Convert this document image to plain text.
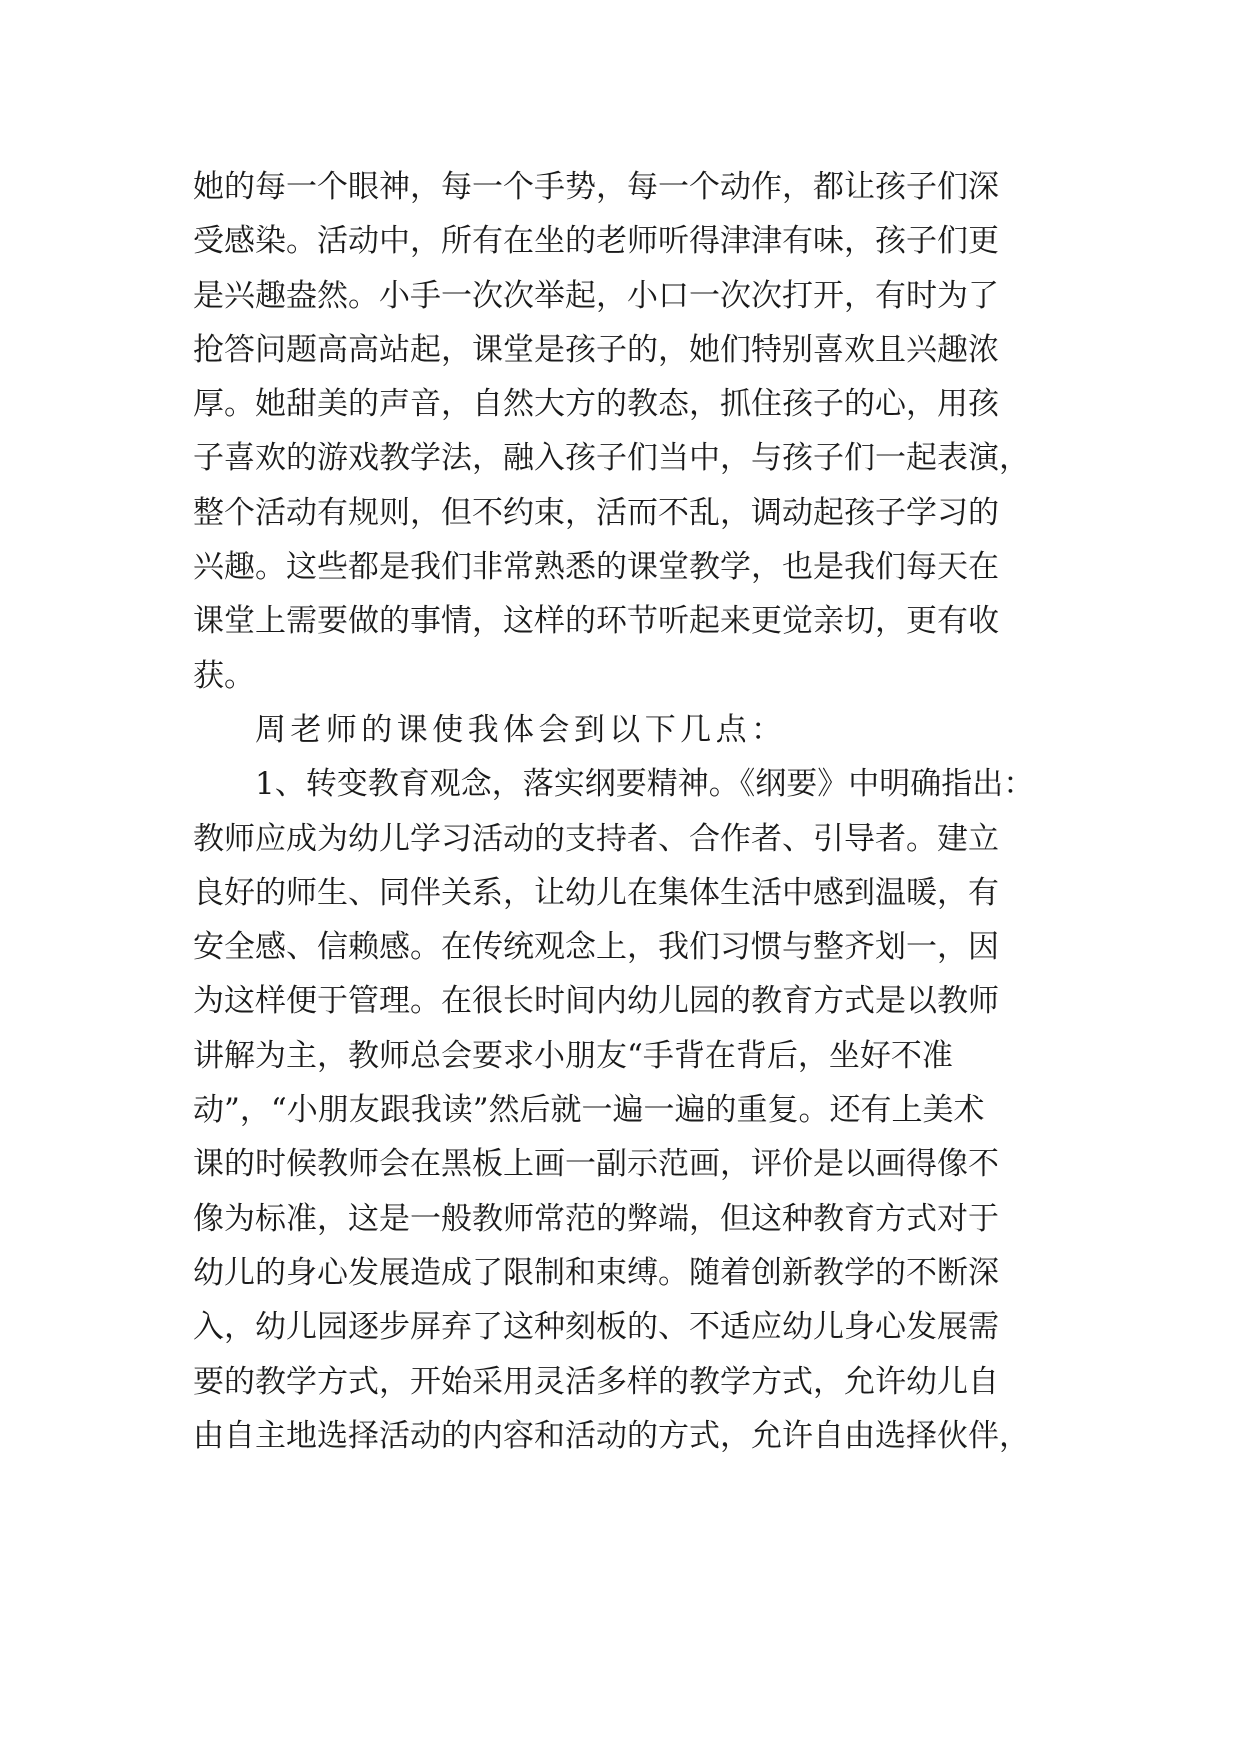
她的每一个眼神，每一个手势，每一个动作，都让孩子们深
受感染。活动中，所有在坐的老师听得津津有味，孩子们更
是兴趣盎然。小手一次次举起，小口一次次打开，有时为了
抢答问题高高站起，课堂是孩子的，她们特别喜欢且兴趣浓
厚。她甜美的声音，自然大方的教态，抓住孩子的心，用孩
子喜欢的游戏教学法，融入孩子们当中，与孩子们一起表演，
整个活动有规则，但不约束，活而不乱，调动起孩子学习的
兴趣。这些都是我们非常熟悉的课堂教学，也是我们每天在
课堂上需要做的事情，这样的环节听起来更觉亲切，更有收
获。
周老师的课使我体会到以下几点：
1、转变教育观念，落实纲要精神。《纲要》中明确指出：
教师应成为幼儿学习活动的支持者、合作者、引导者。建立
良好的师生、同伴关系，让幼儿在集体生活中感到温暖，有
安全感、信赖感。在传统观念上，我们习惯与整齐划一，因
为这样便于管理。在很长时间内幼儿园的教育方式是以教师
讲解为主，教师总会要求小朋友“手背在背后，坐好不准
动”，“小朋友跟我读”然后就一遍一遍的重复。还有上美术
课的时候教师会在黑板上画一副示范画，评价是以画得像不
像为标准，这是一般教师常范的弊端，但这种教育方式对于
幼儿的身心发展造成了限制和束缚。随着创新教学的不断深
入，幼儿园逐步屏弃了这种刻板的、不适应幼儿身心发展需
要的教学方式，开始采用灵活多样的教学方式，允许幼儿自
由自主地选择活动的内容和活动的方式，允许自由选择伙伴，
